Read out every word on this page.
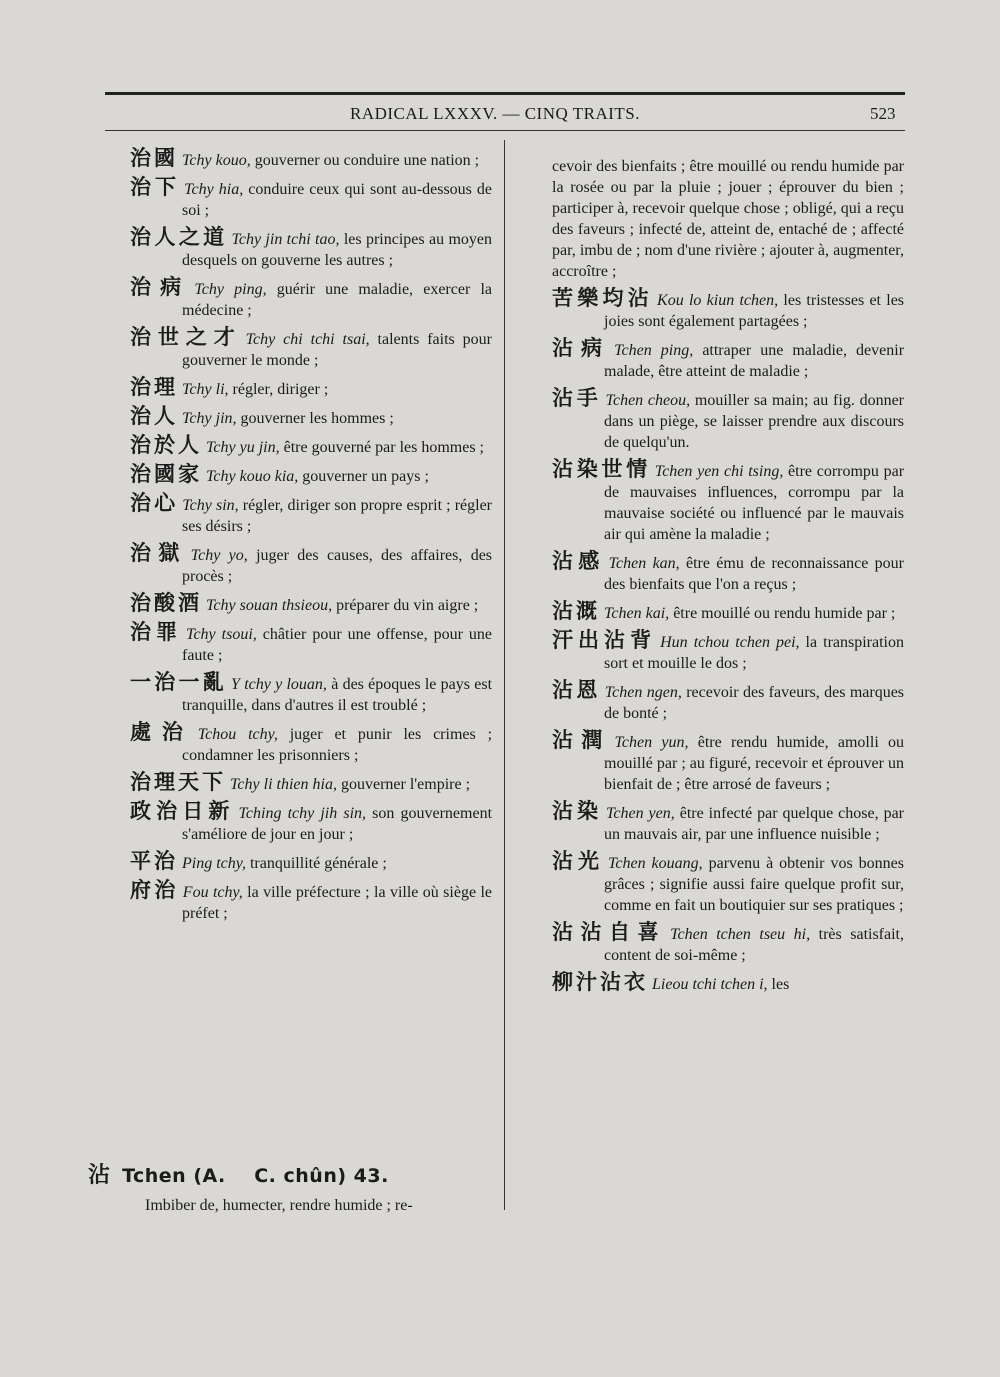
RADICAL LXXXV. — CINQ TRAITS.	523
治國 Tchy kouo, gouverner ou conduire une nation ;
治下 Tchy hia, conduire ceux qui sont au-dessous de soi ;
治人之道 Tchy jin tchi tao, les principes au moyen desquels on gouverne les autres ;
治病 Tchy ping, guérir une maladie, exercer la médecine ;
治世之才 Tchy chi tchi tsai, talents faits pour gouverner le monde ;
治理 Tchy li, régler, diriger ;
治人 Tchy jin, gouverner les hommes ;
治於人 Tchy yu jin, être gouverné par les hommes ;
治國家 Tchy kouo kia, gouverner un pays ;
治心 Tchy sin, régler, diriger son propre esprit ; régler ses désirs ;
治獄 Tchy yo, juger des causes, des affaires, des procès ;
治酸酒 Tchy souan thsieou, préparer du vin aigre ;
治罪 Tchy tsoui, châtier pour une offense, pour une faute ;
一治一亂 Y tchy y louan, à des époques le pays est tranquille, dans d'autres il est troublé ;
處治 Tchou tchy, juger et punir les crimes ; condamner les prisonniers ;
治理天下 Tchy li thien hia, gouverner l'empire ;
政治日新 Tching tchy jih sin, son gouvernement s'améliore de jour en jour ;
平治 Ping tchy, tranquillité générale ;
府治 Fou tchy, la ville préfecture ; la ville où siège le préfet ;
沾 Tchen (A.    C. chûn) 43.
Imbiber de, humecter, rendre humide ; re-

cevoir des bienfaits ; être mouillé ou rendu humide par la rosée ou par la pluie ; jouer ; éprouver du bien ; participer à, recevoir quelque chose ; obligé, qui a reçu des faveurs ; infecté de, atteint de, entaché de ; affecté par, imbu de ; nom d'une rivière ; ajouter à, augmenter, accroître ;

苦樂均沾 Kou lo kiun tchen, les tristesses et les joies sont également partagées ;
沾病 Tchen ping, attraper une maladie, devenir malade, être atteint de maladie ;
沾手 Tchen cheou, mouiller sa main; au fig. donner dans un piège, se laisser prendre aux discours de quelqu'un.
沾染世情 Tchen yen chi tsing, être corrompu par de mauvaises influences, corrompu par la mauvaise société ou influencé par le mauvais air qui amène la maladie ;
沾感 Tchen kan, être ému de reconnaissance pour des bienfaits que l'on a reçus ;
沾溉 Tchen kai, être mouillé ou rendu humide par ;
汗出沾背 Hun tchou tchen pei, la transpiration sort et mouille le dos ;
沾恩 Tchen ngen, recevoir des faveurs, des marques de bonté ;
沾潤 Tchen yun, être rendu humide, amolli ou mouillé par ; au figuré, recevoir et éprouver un bienfait de ; être arrosé de faveurs ;
沾染 Tchen yen, être infecté par quelque chose, par un mauvais air, par une influence nuisible ;
沾光 Tchen kouang, parvenu à obtenir vos bonnes grâces ; signifie aussi faire quelque profit sur, comme en fait un boutiquier sur ses pratiques ;
沾沾自喜 Tchen tchen tseu hi, très satisfait, content de soi-même ;
柳汁沾衣 Lieou tchi tchen i, les
